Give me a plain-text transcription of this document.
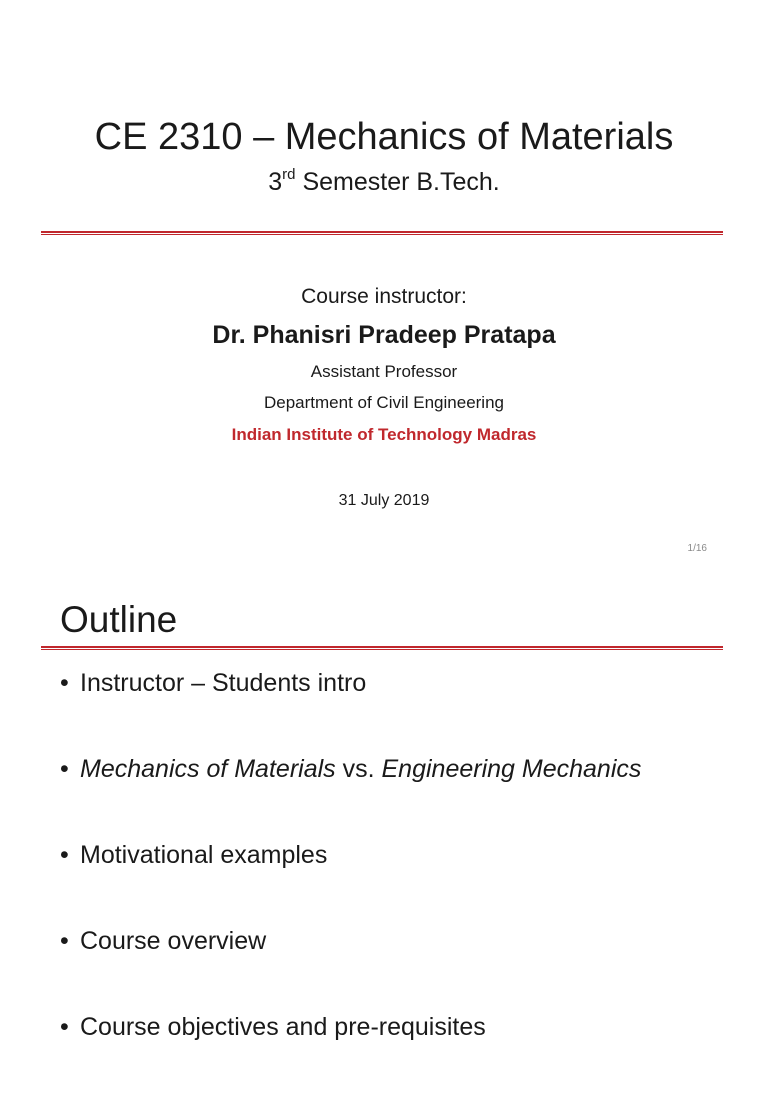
CE 2310 – Mechanics of Materials
3rd Semester B.Tech.
Course instructor:
Dr. Phanisri Pradeep Pratapa
Assistant Professor
Department of Civil Engineering
Indian Institute of Technology Madras
31 July 2019
1/16
Outline
• Instructor – Students intro
• Mechanics of Materials vs. Engineering Mechanics
• Motivational examples
• Course overview
• Course objectives and pre-requisites
